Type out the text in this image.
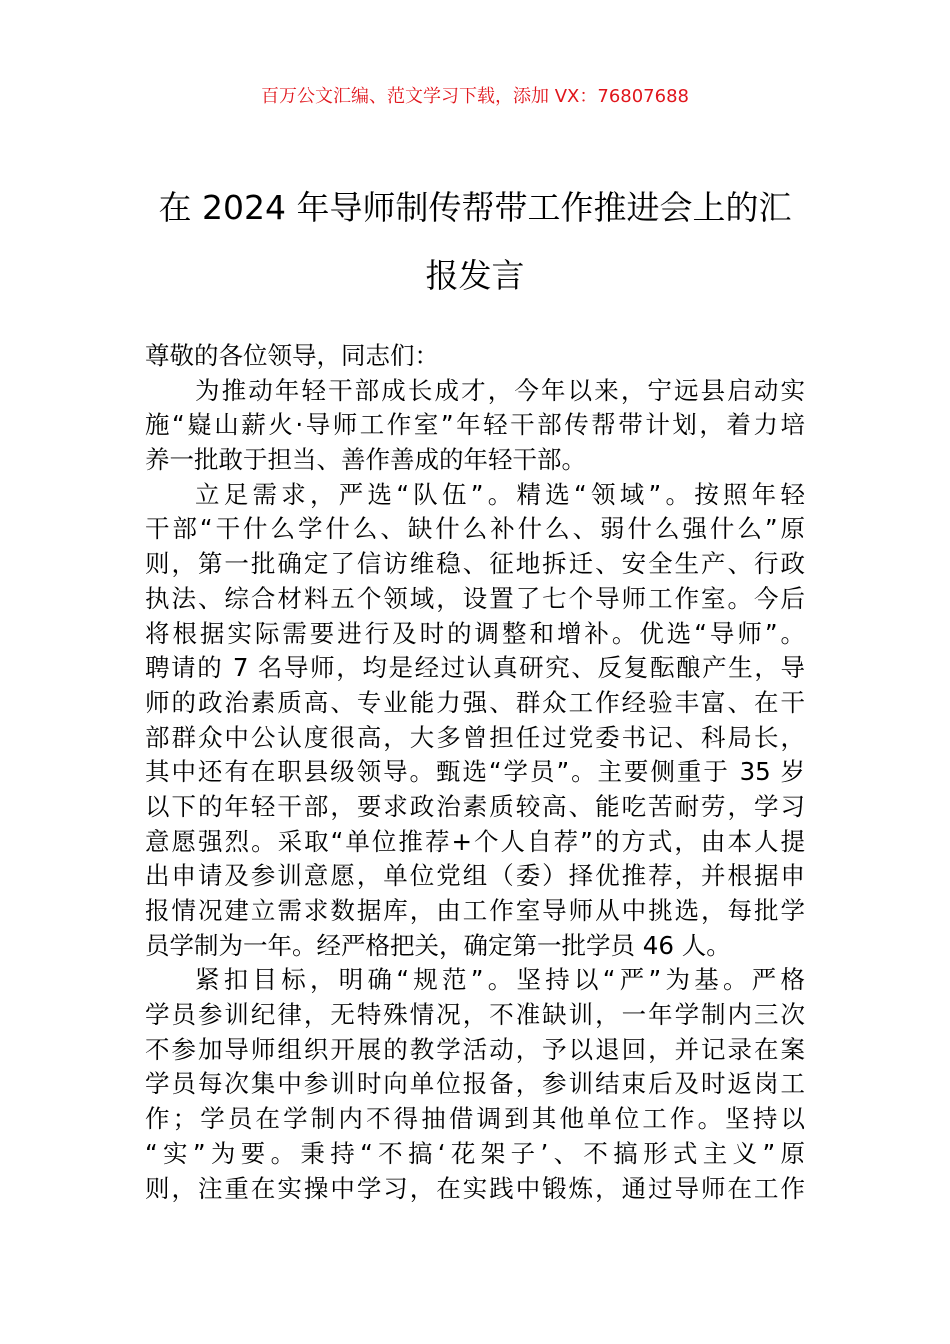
百万公文汇编、范文学习下载，添加 VX：76807688
在 2024 年导师制传帮带工作推进会上的汇
报发言
尊敬的各位领导，同志们：
为推动年轻干部成长成才，今年以来，宁远县启动实
施“嶷山薪火·导师工作室”年轻干部传帮带计划，着力培
养一批敢于担当、善作善成的年轻干部。
立足需求，严选“队伍”。精选“领域”。按照年轻
干部“干什么学什么、缺什么补什么、弱什么强什么”原
则，第一批确定了信访维稳、征地拆迁、安全生产、行政
执法、综合材料五个领域，设置了七个导师工作室。今后
将根据实际需要进行及时的调整和增补。优选“导师”。
聘请的 7 名导师，均是经过认真研究、反复酝酿产生，导
师的政治素质高、专业能力强、群众工作经验丰富、在干
部群众中公认度很高，大多曾担任过党委书记、科局长，
其中还有在职县级领导。甄选“学员”。主要侧重于 35 岁
以下的年轻干部，要求政治素质较高、能吃苦耐劳，学习
意愿强烈。采取“单位推荐+个人自荐”的方式，由本人提
出申请及参训意愿，单位党组（委）择优推荐，并根据申
报情况建立需求数据库，由工作室导师从中挑选，每批学
员学制为一年。经严格把关，确定第一批学员 46 人。
紧扣目标，明确“规范”。坚持以“严”为基。严格
学员参训纪律，无特殊情况，不准缺训，一年学制内三次
不参加导师组织开展的教学活动，予以退回，并记录在案
学员每次集中参训时向单位报备，参训结束后及时返岗工
作；学员在学制内不得抽借调到其他单位工作。坚持以
“实”为要。秉持“不搞‘花架子’、不搞形式主义”原
则，注重在实操中学习，在实践中锻炼，通过导师在工作
